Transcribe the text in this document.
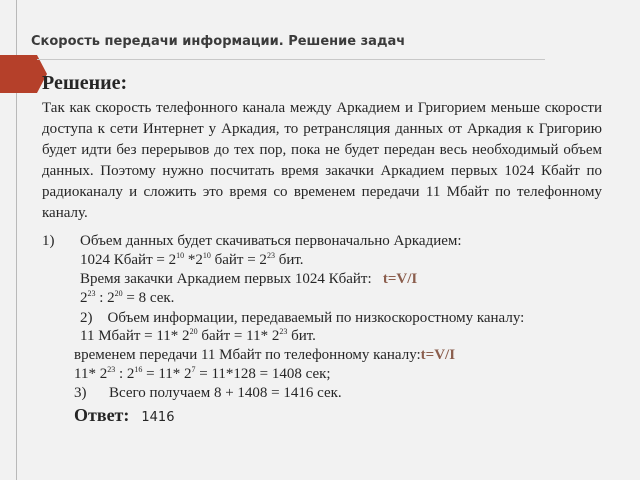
Скорость передачи информации. Решение задач
Решение:
Так как скорость телефонного канала между Аркадием и Григорием меньше скорости доступа к сети Интернет у Аркадия, то ретрансляция данных от Аркадия к Григорию будет идти без перерывов до тех пор, пока не будет передан весь необходимый объем данных. Поэтому нужно посчитать время закачки Аркадием первых 1024 Кбайт по радиоканалу и сложить это время со временем передачи 11 Мбайт по телефонному каналу.
1) Объем данных будет скачиваться первоначально Аркадием:
1024 Кбайт = $2^{10}$ $*2^{10}$ байт = $2^{23}$ бит.
Время закачки Аркадием первых 1024 Кбайт: t=V/I
$2^{23}$ : $2^{20} = 8$ сек.
2) Объем информации, передаваемый по низкоскоростному каналу:
11 Мбайт = 11* $2^{20}$ байт = 11* $2^{23}$ бит.
временем передачи 11 Мбайт по телефонному каналу:t=V/I
11* $2^{23}$ : $2^{16} = 11*$ $2^7 = 11*128 = 1408$ сек;
3) Всего получаем 8 + 1408 = 1416 сек.
Ответ: 1416
